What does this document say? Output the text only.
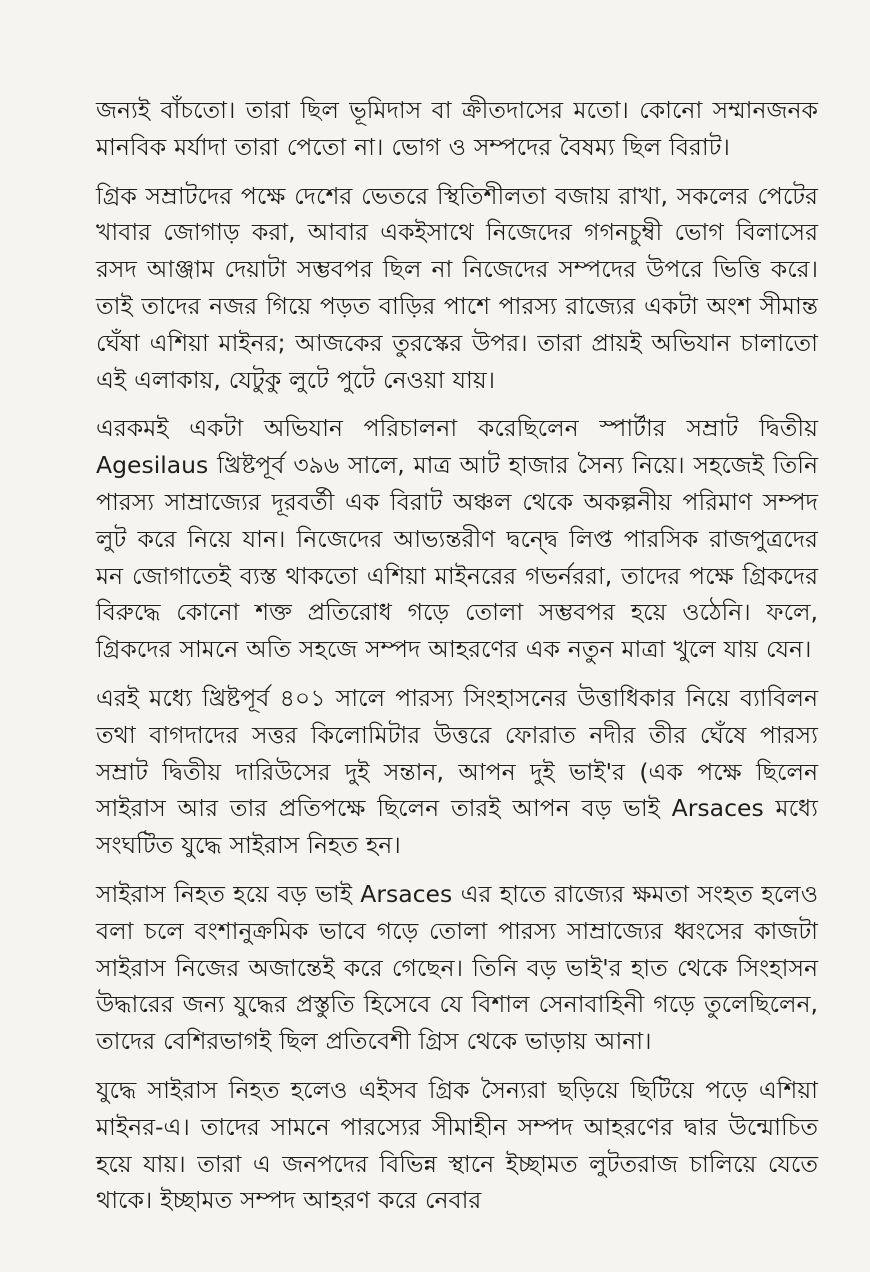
জন্যই বাঁচতো। তারা ছিল ভূমিদাস বা ক্রীতদাসের মতো। কোনো সম্মানজনক মানবিক মর্যাদা তারা পেতো না। ভোগ ও সম্পদের বৈষম্য ছিল বিরাট।

গ্রিক সম্রাটদের পক্ষে দেশের ভেতরে স্থিতিশীলতা বজায় রাখা, সকলের পেটের খাবার জোগাড় করা, আবার একইসাথে নিজেদের গগনচুম্বী ভোগ বিলাসের রসদ আঞ্জাম দেয়াটা সম্ভবপর ছিল না নিজেদের সম্পদের উপরে ভিত্তি করে। তাই তাদের নজর গিয়ে পড়ত বাড়ির পাশে পারস্য রাজ্যের একটা অংশ সীমান্ত ঘেঁষা এশিয়া মাইনর; আজকের তুরস্কের উপর। তারা প্রায়ই অভিযান চালাতো এই এলাকায়, যেটুকু লুটে পুটে নেওয়া যায়।

এরকমই একটা অভিযান পরিচালনা করেছিলেন স্পার্টার সম্রাট দ্বিতীয় Agesilaus খ্রিষ্টপূর্ব ৩৯৬ সালে, মাত্র আট হাজার সৈন্য নিয়ে। সহজেই তিনি পারস্য সাম্রাজ্যের দূরবর্তী এক বিরাট অঞ্চল থেকে অকল্পনীয় পরিমাণ সম্পদ লুট করে নিয়ে যান। নিজেদের আভ্যন্তরীণ দ্বন্দ্বে লিপ্ত পারসিক রাজপুত্রদের মন জোগাতেই ব্যস্ত থাকতো এশিয়া মাইনরের গভর্নররা, তাদের পক্ষে গ্রিকদের বিরুদ্ধে কোনো শক্ত প্রতিরোধ গড়ে তোলা সম্ভবপর হয়ে ওঠেনি। ফলে, গ্রিকদের সামনে অতি সহজে সম্পদ আহরণের এক নতুন মাত্রা খুলে যায় যেন।

এরই মধ্যে খ্রিষ্টপূর্ব ৪০১ সালে পারস্য সিংহাসনের উত্তাধিকার নিয়ে ব্যাবিলন তথা বাগদাদের সত্তর কিলোমিটার উত্তরে ফোরাত নদীর তীর ঘেঁষে পারস্য সম্রাট দ্বিতীয় দারিউসের দুই সন্তান, আপন দুই ভাই'র (এক পক্ষে ছিলেন সাইরাস আর তার প্রতিপক্ষে ছিলেন তারই আপন বড় ভাই Arsaces মধ্যে সংঘটিত যুদ্ধে সাইরাস নিহত হন।

সাইরাস নিহত হয়ে বড় ভাই Arsaces এর হাতে রাজ্যের ক্ষমতা সংহত হলেও বলা চলে বংশানুক্রমিক ভাবে গড়ে তোলা পারস্য সাম্রাজ্যের ধ্বংসের কাজটা সাইরাস নিজের অজান্তেই করে গেছেন। তিনি বড় ভাই'র হাত থেকে সিংহাসন উদ্ধারের জন্য যুদ্ধের প্রস্তুতি হিসেবে যে বিশাল সেনাবাহিনী গড়ে তুলেছিলেন, তাদের বেশিরভাগই ছিল প্রতিবেশী গ্রিস থেকে ভাড়ায় আনা।

যুদ্ধে সাইরাস নিহত হলেও এইসব গ্রিক সৈন্যরা ছড়িয়ে ছিটিয়ে পড়ে এশিয়া মাইনর-এ। তাদের সামনে পারস্যের সীমাহীন সম্পদ আহরণের দ্বার উন্মোচিত হয়ে যায়। তারা এ জনপদের বিভিন্ন স্থানে ইচ্ছামত লুটতরাজ চালিয়ে যেতে থাকে। ইচ্ছামত সম্পদ আহরণ করে নেবার
